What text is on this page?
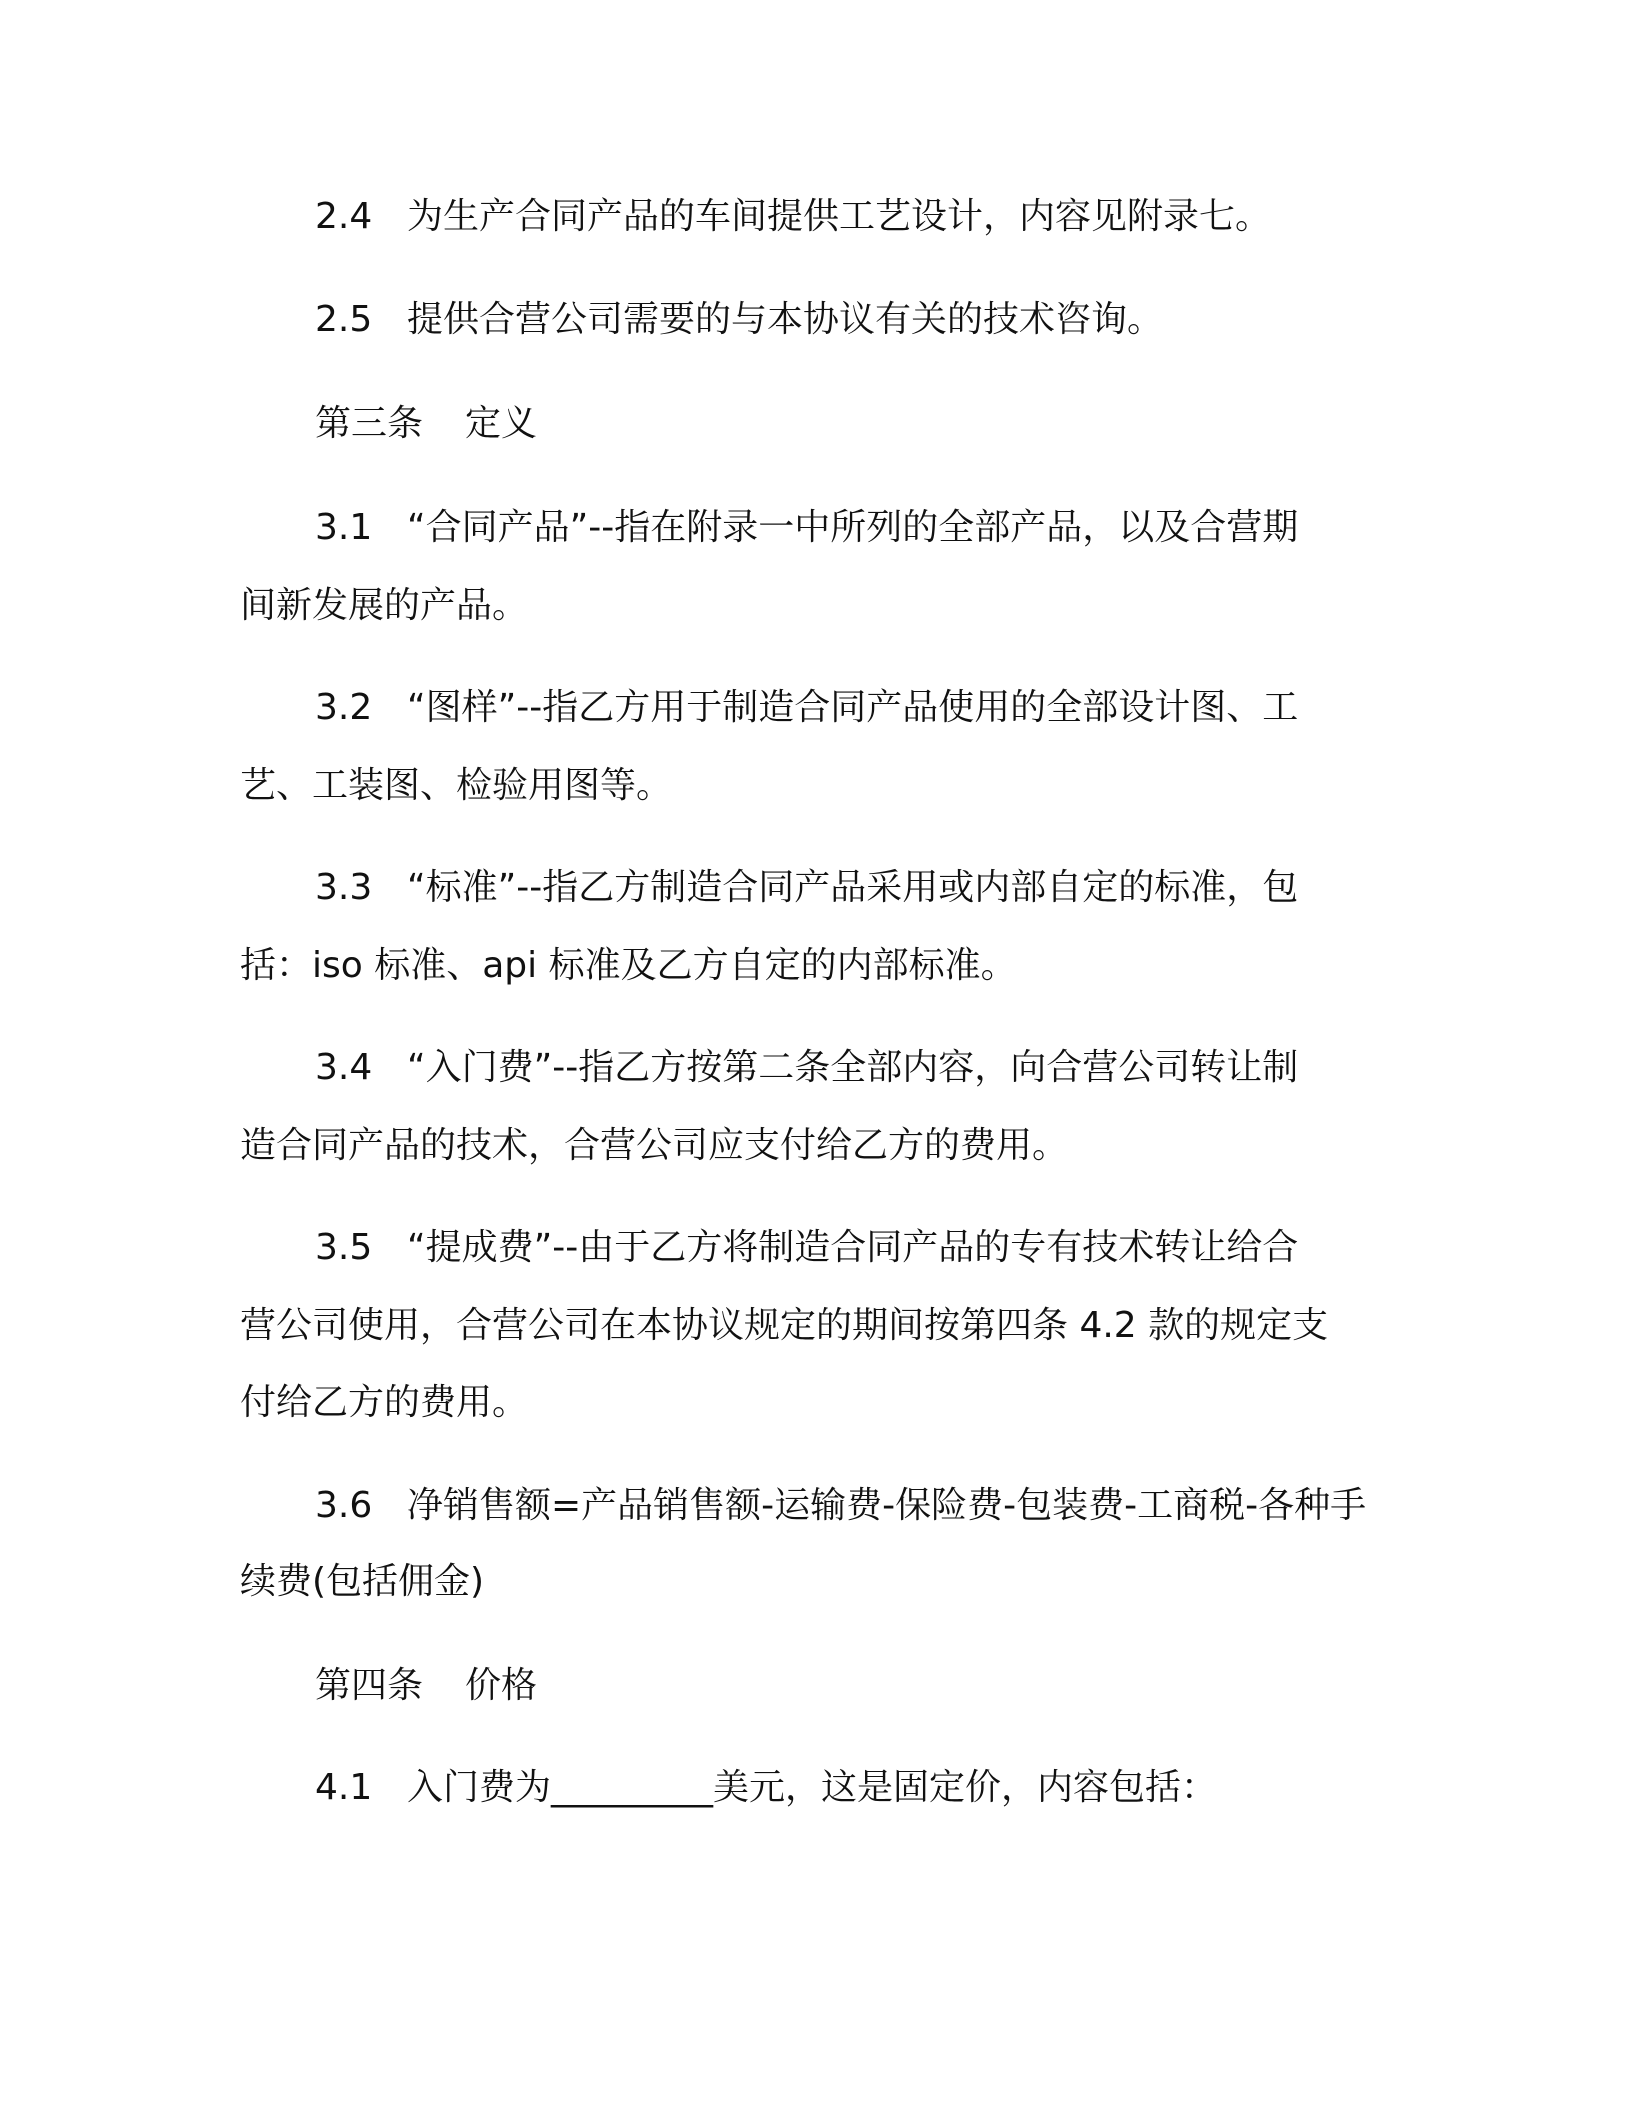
2.4 为生产合同产品的车间提供工艺设计，内容见附录七。
2.5 提供合营公司需要的与本协议有关的技术咨询。
第三条 定义
3.1 “合同产品”--指在附录一中所列的全部产品，以及合营期
间新发展的产品。
3.2 “图样”--指乙方用于制造合同产品使用的全部设计图、工
艺、工装图、检验用图等。
3.3 “标准”--指乙方制造合同产品采用或内部自定的标准，包
括：iso 标准、api 标准及乙方自定的内部标准。
3.4 “入门费”--指乙方按第二条全部内容，向合营公司转让制
造合同产品的技术，合营公司应支付给乙方的费用。
3.5 “提成费”--由于乙方将制造合同产品的专有技术转让给合
营公司使用，合营公司在本协议规定的期间按第四条 4.2 款的规定支
付给乙方的费用。
3.6 净销售额=产品销售额-运输费-保险费-包装费-工商税-各种手
续费(包括佣金)
第四条 价格
4.1 入门费为_________美元，这是固定价，内容包括：
